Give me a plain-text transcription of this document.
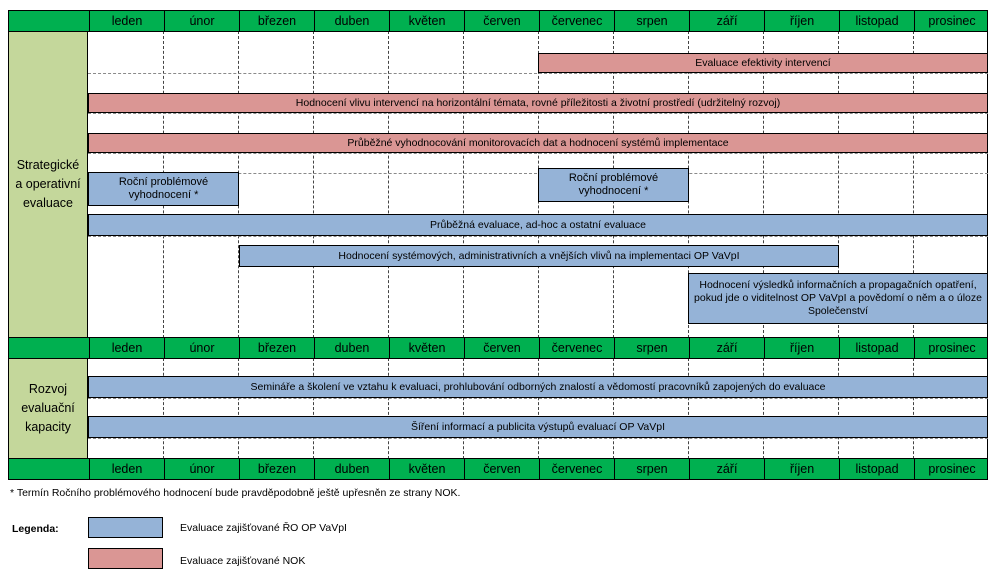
leden	únor	březen	duben	květen	červen	červenec	srpen	září	říjen	listopad	prosinec
leden	únor	březen	duben	květen	červen	červenec	srpen	září	říjen	listopad	prosinec
leden	únor	březen	duben	květen	červen	červenec	srpen	září	říjen	listopad	prosinec
Strategické
a operativní
evaluace
Rozvoj
evaluační
kapacity
Evaluace efektivity intervencí
Hodnocení vlivu intervencí na horizontální témata, rovné příležitosti a životní prostředí (udržitelný rozvoj)
Průběžné vyhodnocování monitorovacích dat a hodnocení systémů implementace
Roční problémové
vyhodnocení *
Roční problémové
vyhodnocení *
Průběžná evaluace, ad-hoc a ostatní evaluace
Hodnocení systémových, administrativních a vnějších vlivů na implementaci OP VaVpI
Hodnocení výsledků informačních a propagačních opatření, pokud jde o viditelnost OP VaVpI a povědomí o něm a o úloze Společenství
Semináře a školení ve vztahu k evaluaci, prohlubování odborných znalostí a vědomostí pracovníků zapojených do evaluace
Šíření informací a publicita výstupů evaluací OP VaVpI
* Termín Ročního problémového hodnocení bude pravděpodobně ještě upřesněn ze strany NOK.
Legenda:	Evaluace zajišťované ŘO OP VaVpI
Evaluace zajišťované NOK
